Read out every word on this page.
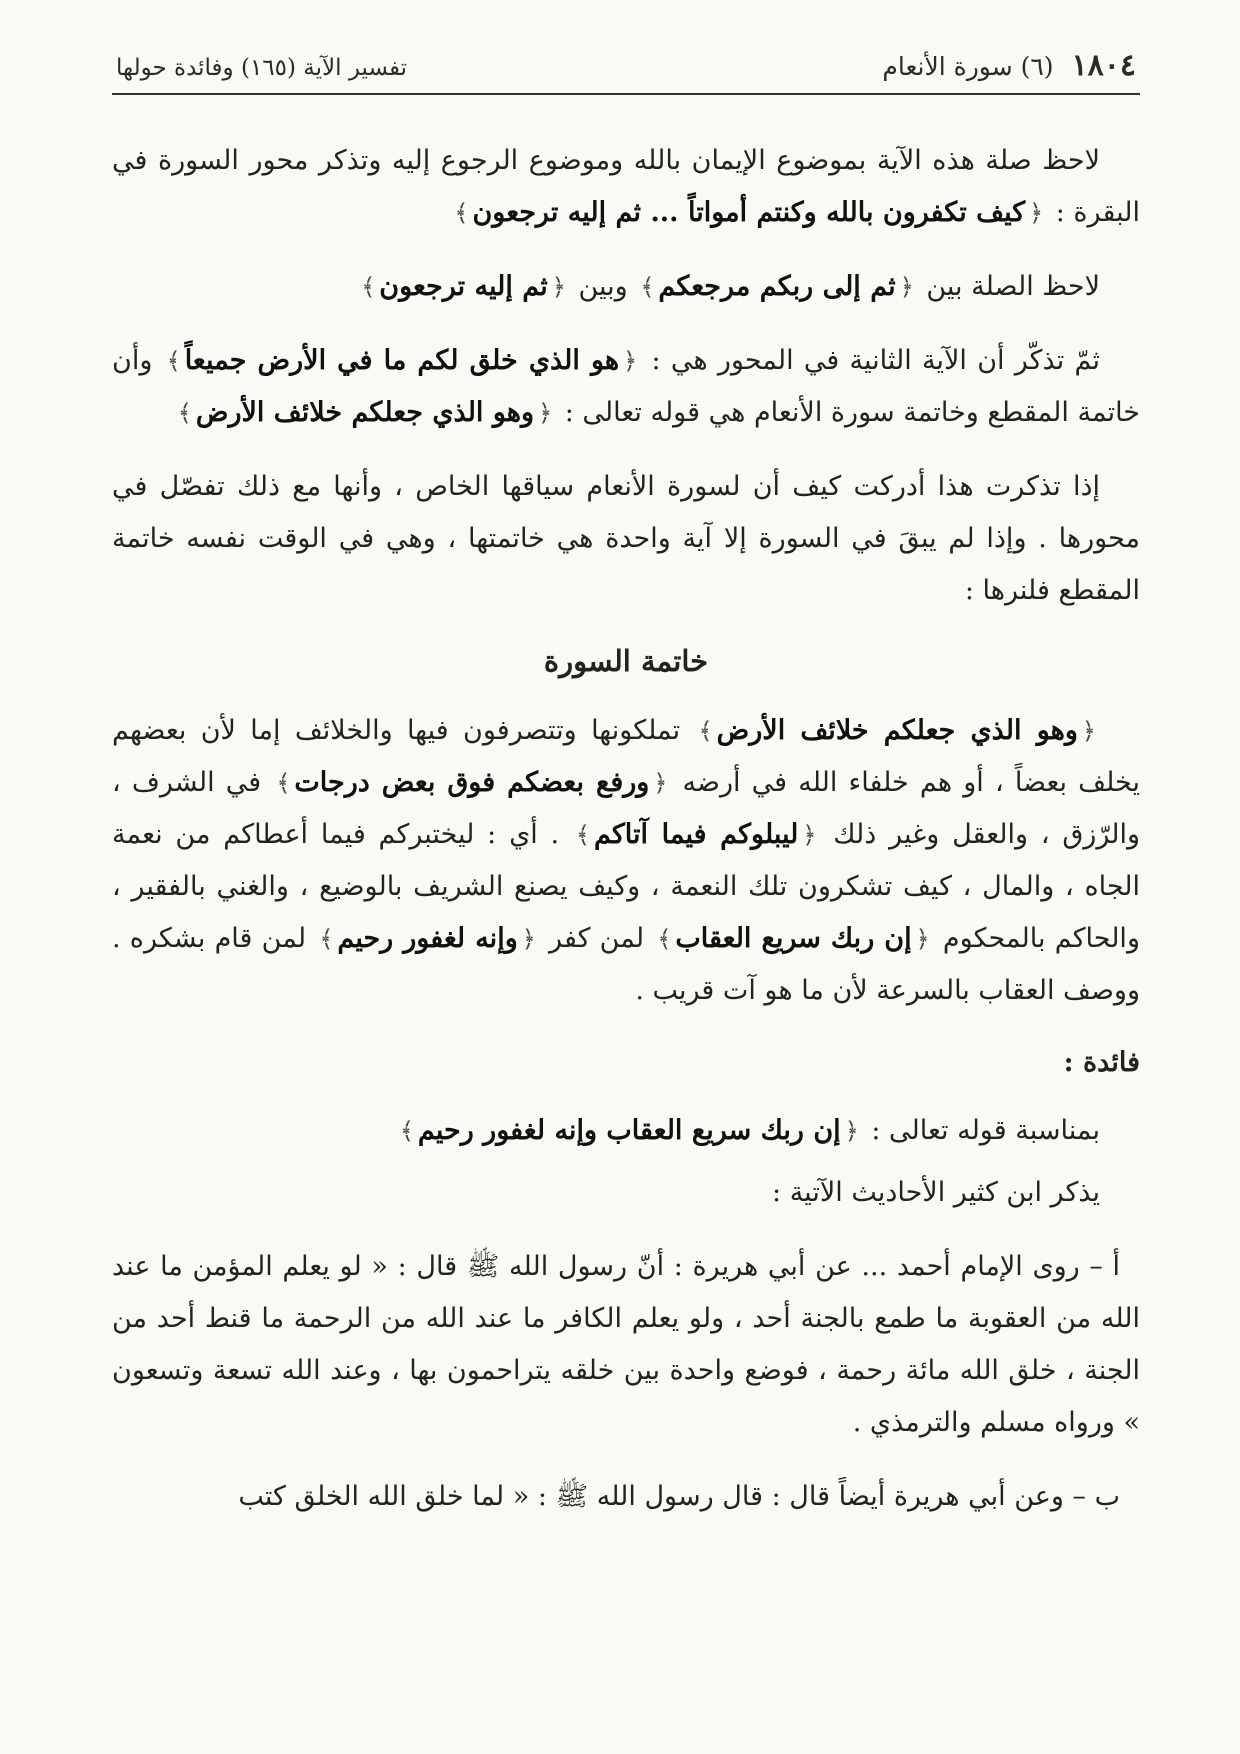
١٨٠٤
(٦) سورة الأنعام
تفسير الآية (١٦٥) وفائدة حولها

لاحظ صلة هذه الآية بموضوع الإيمان بالله وموضوع الرجوع إليه وتذكر محور السورة في البقرة : ﴿كيف تكفرون بالله وكنتم أمواتاً ... ثم إليه ترجعون﴾

لاحظ الصلة بين ﴿ثم إلى ربكم مرجعكم﴾ وبين ﴿ثم إليه ترجعون﴾

ثمّ تذكّر أن الآية الثانية في المحور هي : ﴿هو الذي خلق لكم ما في الأرض جميعاً﴾ وأن خاتمة المقطع وخاتمة سورة الأنعام هي قوله تعالى : ﴿وهو الذي جعلكم خلائف الأرض﴾

إذا تذكرت هذا أدركت كيف أن لسورة الأنعام سياقها الخاص ، وأنها مع ذلك تفصّل في محورها . وإذا لم يبقَ في السورة إلا آية واحدة هي خاتمتها ، وهي في الوقت نفسه خاتمة المقطع فلنرها :

خاتمة السورة

﴿وهو الذي جعلكم خلائف الأرض﴾ تملكونها وتتصرفون فيها والخلائف إما لأن بعضهم يخلف بعضاً ، أو هم خلفاء الله في أرضه ﴿ورفع بعضكم فوق بعض درجات﴾ في الشرف ، والرّزق ، والعقل وغير ذلك ﴿ليبلوكم فيما آتاكم﴾ . أي : ليختبركم فيما أعطاكم من نعمة الجاه ، والمال ، كيف تشكرون تلك النعمة ، وكيف يصنع الشريف بالوضيع ، والغني بالفقير ، والحاكم بالمحكوم ﴿إن ربك سريع العقاب﴾ لمن كفر ﴿وإنه لغفور رحيم﴾ لمن قام بشكره . ووصف العقاب بالسرعة لأن ما هو آت قريب .

فائدة :

بمناسبة قوله تعالى : ﴿إن ربك سريع العقاب وإنه لغفور رحيم﴾

يذكر ابن كثير الأحاديث الآتية :

أ – روى الإمام أحمد ... عن أبي هريرة : أنّ رسول الله ﷺ قال : « لو يعلم المؤمن ما عند الله من العقوبة ما طمع بالجنة أحد ، ولو يعلم الكافر ما عند الله من الرحمة ما قنط أحد من الجنة ، خلق الله مائة رحمة ، فوضع واحدة بين خلقه يتراحمون بها ، وعند الله تسعة وتسعون » ورواه مسلم والترمذي .

ب – وعن أبي هريرة أيضاً قال : قال رسول الله ﷺ : « لما خلق الله الخلق كتب
